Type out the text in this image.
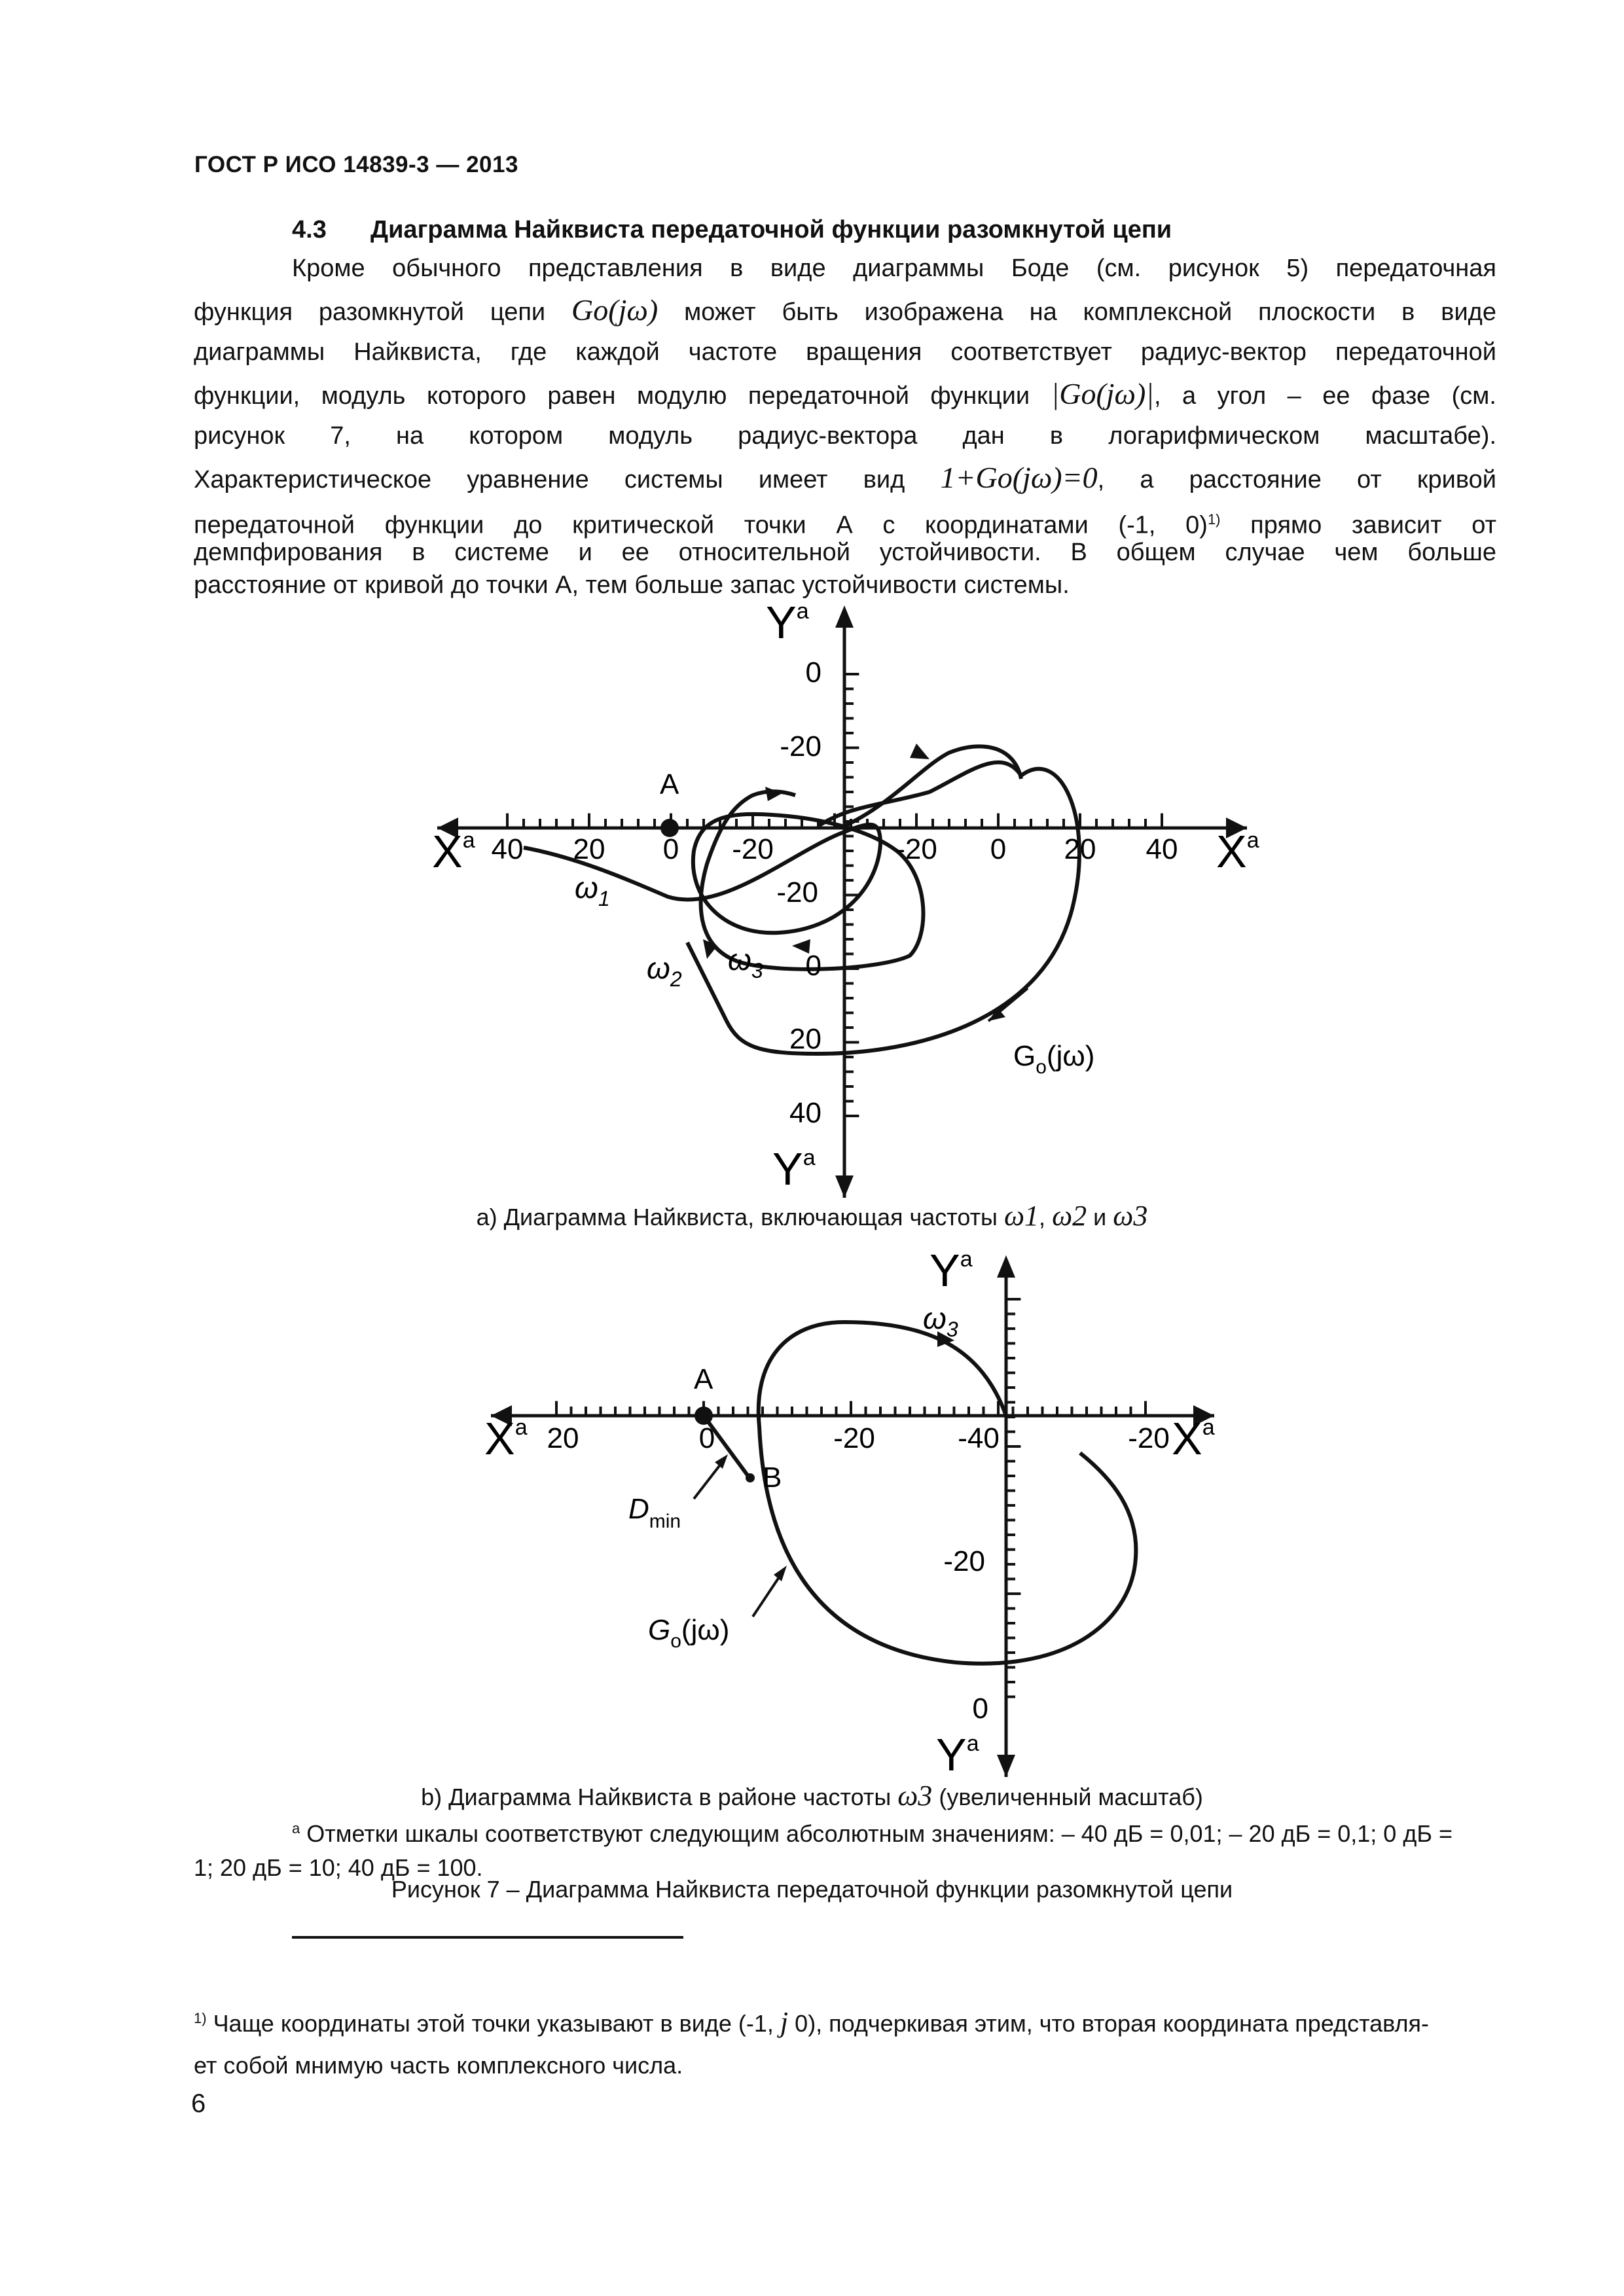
ГОСТ Р ИСО 14839-3 — 2013
4.3 Диаграмма Найквиста передаточной функции разомкнутой цепи
Кроме обычного представления в виде диаграммы Боде (см. рисунок 5) передаточная
функция разомкнутой цепи Go(jω) может быть изображена на комплексной плоскости в виде
диаграммы Найквиста, где каждой частоте вращения соответствует радиус-вектор передаточной
функции, модуль которого равен модулю передаточной функции |Go(jω)|, а угол – ее фазе (см.
рисунок 7, на котором модуль радиус-вектора дан в логарифмическом масштабе).
Характеристическое уравнение системы имеет вид 1+Go(jω)=0, а расстояние от кривой
передаточной функции до критической точки А с координатами (-1, 0)$^{1)}$ прямо зависит от
демпфирования в системе и ее относительной устойчивости. В общем случае чем больше
расстояние от кривой до точки А, тем больше запас устойчивости системы.
$Y^a$
$Y^a$
$X^a$	$X^a$
40 20 0 -20	-20 0 20 40
0
-20
-20
0
20
40
A
$\omega_1$
$\omega_2$
$\omega_3$
$G_o(j\omega)$
a) Диаграмма Найквиста, включающая частоты ω1, ω2 и ω3
$Y^a$
$Y^a$
$X^a$	$X^a$
20	0	-20	-40	-20
-20
0
A
B
$D_{min}$
$\omega_3$
$G_o(j\omega)$
b) Диаграмма Найквиста в районе частоты ω3 (увеличенный масштаб)
$^a$ Отметки шкалы соответствуют следующим абсолютным значениям: – 40 дБ = 0,01; – 20 дБ = 0,1; 0 дБ =
1; 20 дБ = 10; 40 дБ = 100.
Рисунок 7 – Диаграмма Найквиста передаточной функции разомкнутой цепи
$^{1)}$ Чаще координаты этой точки указывают в виде (-1, j 0), подчеркивая этим, что вторая координата представля-
ет собой мнимую часть комплексного числа.
6
